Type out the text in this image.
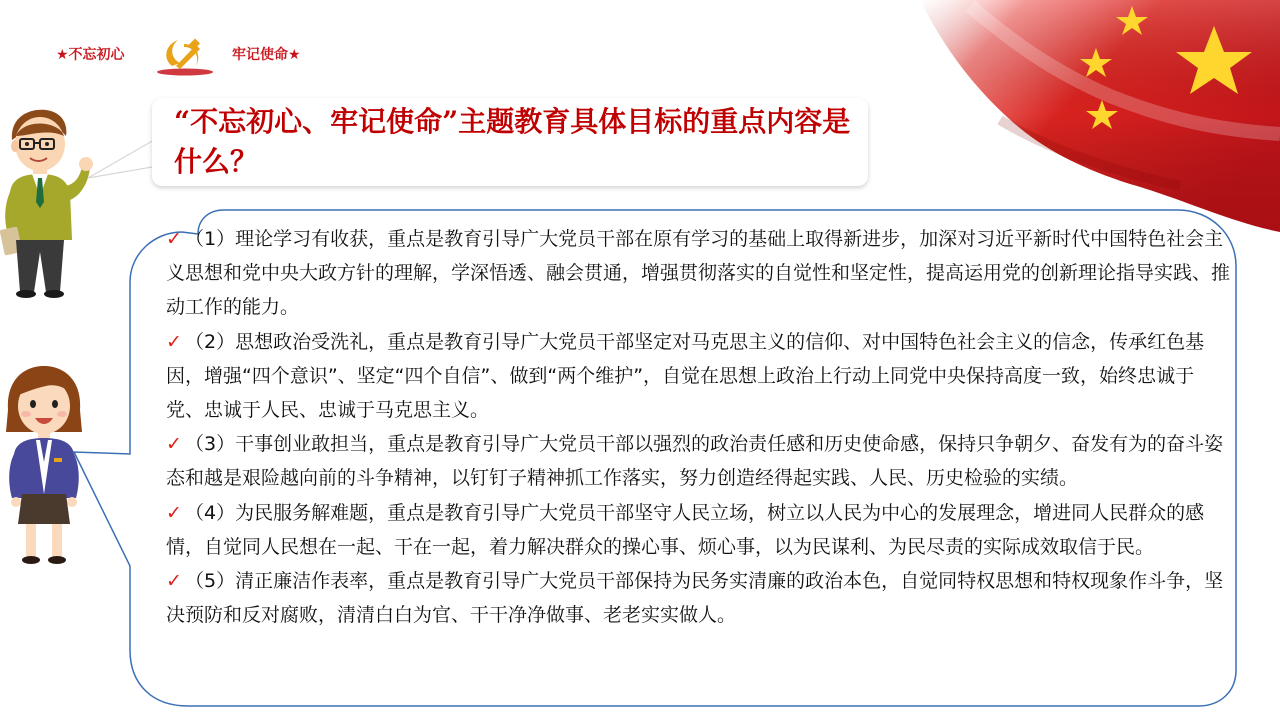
★不忘初心	牢记使命★
“不忘初心、牢记使命”主题教育具体目标的重点内容是什么？
✓ （1）理论学习有收获，重点是教育引导广大党员干部在原有学习的基础上取得新进步，加深对习近平新时代中国特色社会主义思想和党中央大政方针的理解，学深悟透、融会贯通，增强贯彻落实的自觉性和坚定性，提高运用党的创新理论指导实践、推动工作的能力。
✓ （2）思想政治受洗礼，重点是教育引导广大党员干部坚定对马克思主义的信仰、对中国特色社会主义的信念，传承红色基因，增强“四个意识”、坚定“四个自信”、做到“两个维护”，自觉在思想上政治上行动上同党中央保持高度一致，始终忠诚于党、忠诚于人民、忠诚于马克思主义。
✓ （3）干事创业敢担当，重点是教育引导广大党员干部以强烈的政治责任感和历史使命感，保持只争朝夕、奋发有为的奋斗姿态和越是艰险越向前的斗争精神，以钉钉子精神抓工作落实，努力创造经得起实践、人民、历史检验的实绩。
✓ （4）为民服务解难题，重点是教育引导广大党员干部坚守人民立场，树立以人民为中心的发展理念，增进同人民群众的感情，自觉同人民想在一起、干在一起，着力解决群众的操心事、烦心事，以为民谋利、为民尽责的实际成效取信于民。
✓ （5）清正廉洁作表率，重点是教育引导广大党员干部保持为民务实清廉的政治本色，自觉同特权思想和特权现象作斗争，坚决预防和反对腐败，清清白白为官、干干净净做事、老老实实做人。
